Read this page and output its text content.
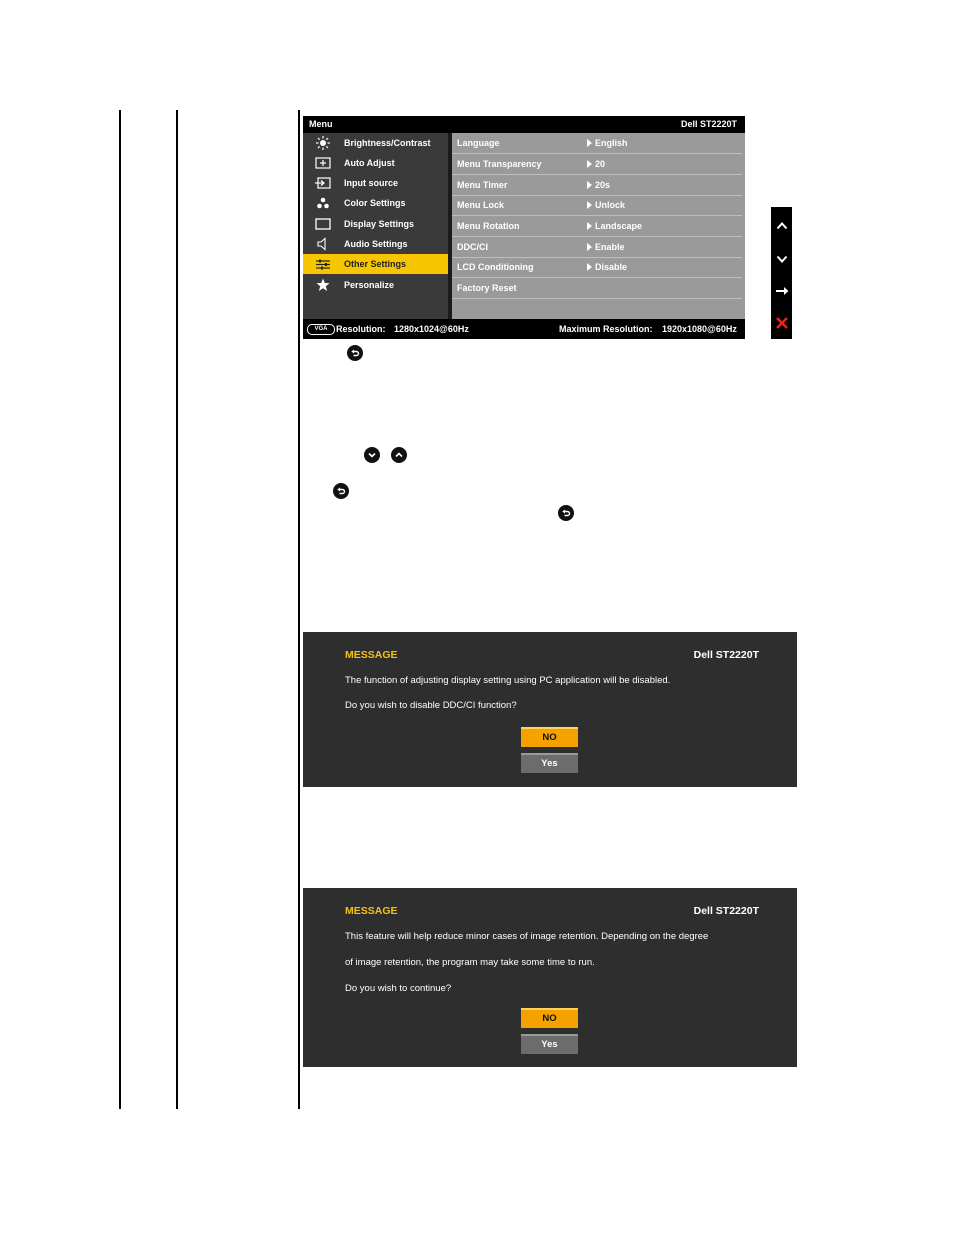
Menu	Dell ST2220T
Brightness/Contrast
Auto Adjust
Input source
Color Settings
Display Settings
Audio Settings
Other Settings
Personalize
Language	English
Menu Transparency	20
Menu Timer	20s
Menu Lock	Unlock
Menu Rotation	Landscape
DDC/CI	Enable
LCD Conditioning	Disable
Factory Reset
VGA Resolution: 1280x1024@60Hz	Maximum Resolution: 1920x1080@60Hz
MESSAGE	Dell ST2220T
The function of adjusting display setting using PC application will be disabled.
Do you wish to disable DDC/CI function?
NO
Yes
MESSAGE	Dell ST2220T
This feature will help reduce minor cases of image retention. Depending on the degree
of image retention, the program may take some time to run.
Do you wish to continue?
NO
Yes
